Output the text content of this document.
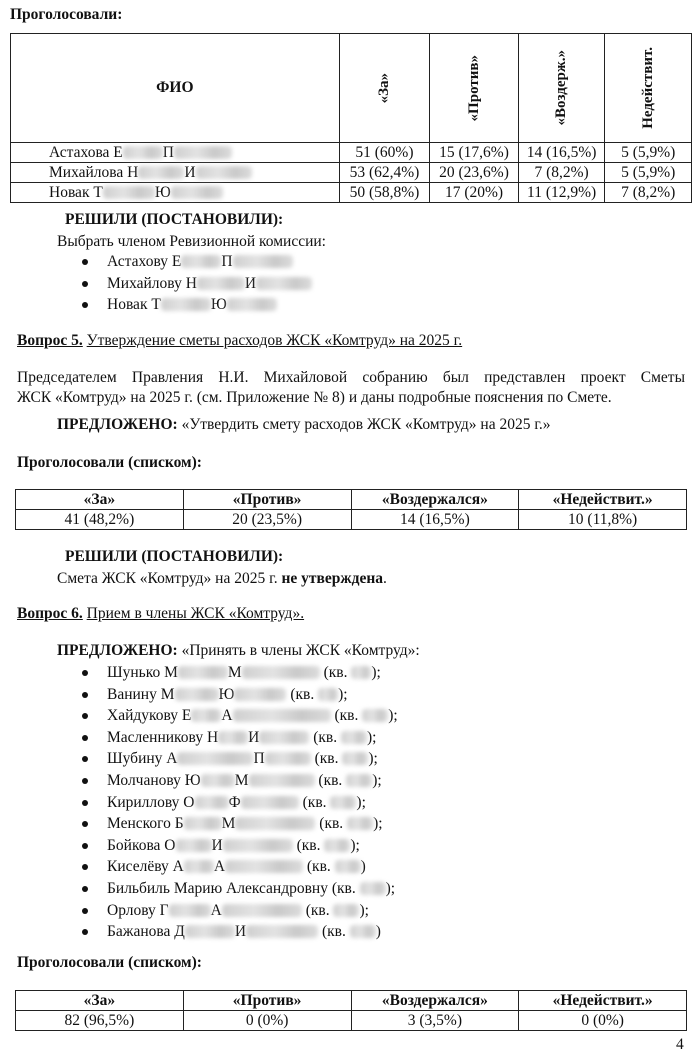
Проголосовали:
ФИО	«За»	«Против»	«Воздерж.»	Недействит.

Астахова Е П	51 (60%)	15 (17,6%)	14 (16,5%)	5 (5,9%)
Михайлова Н И	53 (62,4%)	20 (23,6%)	7 (8,2%)	5 (5,9%)
Новак Т Ю	50 (58,8%)	17 (20%)	11 (12,9%)	7 (8,2%)
РЕШИЛИ (ПОСТАНОВИЛИ):
Выбрать членом Ревизионной комиссии:
Астахову Е	П
Михайлову Н	И
Новак Т	Ю
Вопрос 5. Утверждение сметы расходов ЖСК «Комтруд» на 2025 г.
Председателем Правления Н.И. Михайловой собранию был представлен проект Сметы
ЖСК «Комтруд» на 2025 г. (см. Приложение № 8) и даны подробные пояснения по Смете.
ПРЕДЛОЖЕНО: «Утвердить смету расходов ЖСК «Комтруд» на 2025 г.»
Проголосовали (списком):
«За»	«Против»	«Воздержался»	«Недействит.»
41 (48,2%)	20 (23,5%)	14 (16,5%)	10 (11,8%)
РЕШИЛИ (ПОСТАНОВИЛИ):
Смета ЖСК «Комтруд» на 2025 г. не утверждена.
Вопрос 6. Прием в члены ЖСК «Комтруд».
ПРЕДЛОЖЕНО: «Принять в члены ЖСК «Комтруд»:
Шунько М	М	(кв. );
Ванину М	Ю	(кв. );
Хайдукову Е А	(кв. );
Масленникову Н И	(кв. );
Шубину А	П	(кв. );
Молчанову Ю М	(кв. );
Кириллову О Ф	(кв. );
Менского Б М	(кв. );
Бойкова О И	(кв. );
Киселёву А А	(кв. )
Бильбиль Марию Александровну (кв. );
Орлову Г	А	(кв. );
Бажанова Д	И	(кв. )
Проголосовали (списком):
«За»	«Против»	«Воздержался»	«Недействит.»
82 (96,5%)	0 (0%)	3 (3,5%)	0 (0%)
4
